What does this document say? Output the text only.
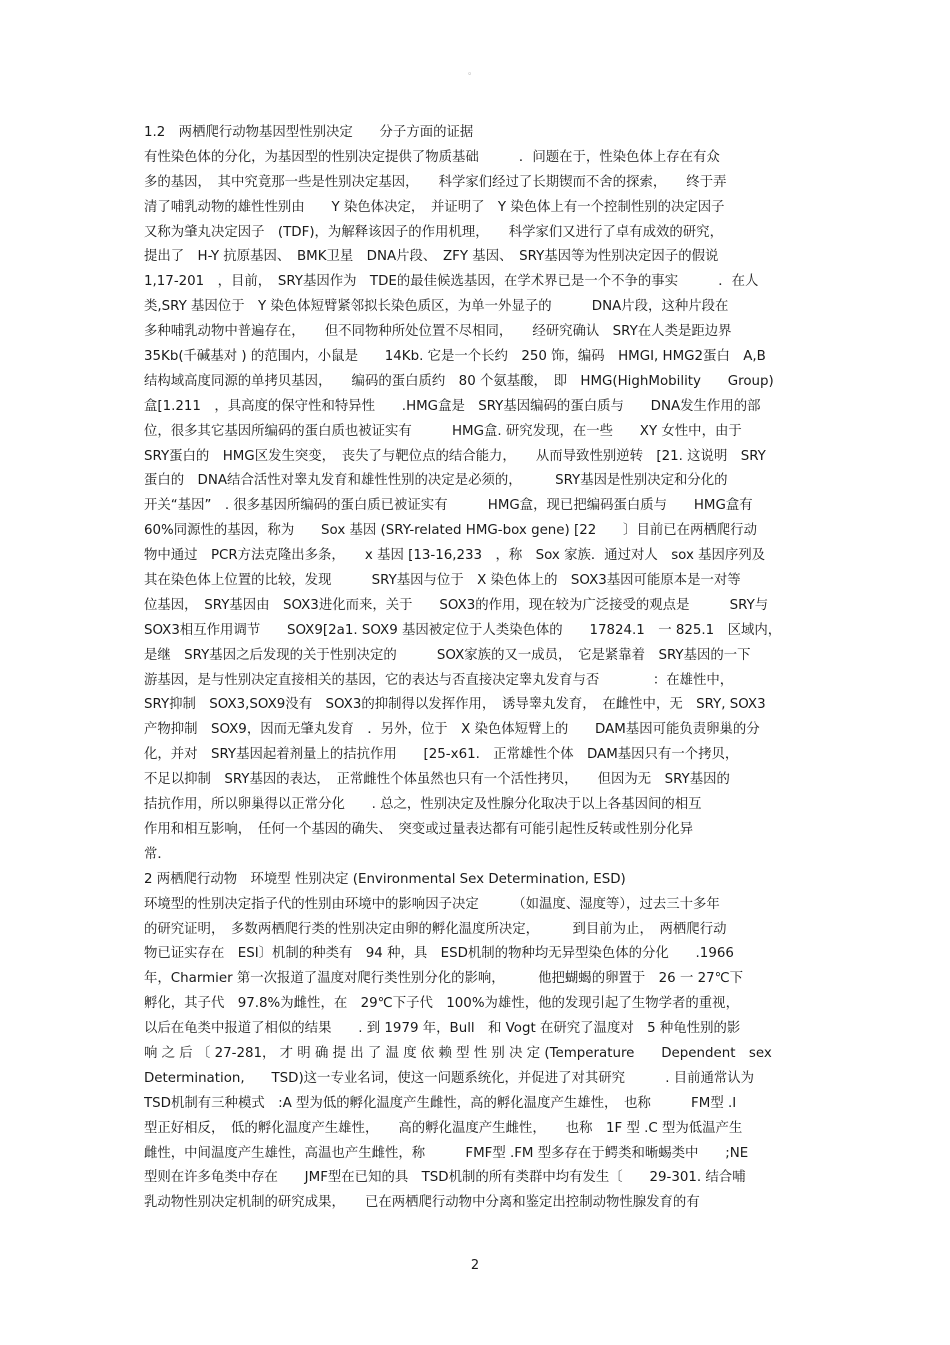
。
1.2　两栖爬行动物基因型性别决定　　分子方面的证据
有性染色体的分化，为基因型的性别决定提供了物质基础　　　．问题在于，性染色体上存在有众
多的基因，　其中究竟那一些是性别决定基因，　　科学家们经过了长期锲而不舍的探索，　　终于弄
清了哺乳动物的雄性性别由　　Y 染色体决定，　并证明了　Y 染色体上有一个控制性别的决定因子
又称为肇丸决定因子　(TDF)，为解释该因子的作用机理，　　科学家们又进行了卓有成效的研究，
提出了　H-Y 抗原基因、　BMK卫星　DNA片段、　ZFY 基因、　SRY基因等为性别决定因子的假说
1,17-201　，目前，　SRY基因作为　TDE的最佳候选基因，在学术界已是一个不争的事实　　　．在人
类,SRY 基因位于　Y 染色体短臂紧邻拟长染色质区，为单一外显子的　　　DNA片段，这种片段在
多种哺乳动物中普遍存在，　　但不同物种所处位置不尽相同，　　经研究确认　SRY在人类是距边界
35Kb(千碱基对 ) 的范围内，小鼠是　　14Kb. 它是一个长约　250 饰，编码　HMGI, HMG2蛋白　A,B
结构域高度同源的单拷贝基因，　　编码的蛋白质约　80 个氨基酸，　即　HMG(HighMobility　　Group)
盒[1.211　，具高度的保守性和特异性　　.HMG盒是　SRY基因编码的蛋白质与　　DNA发生作用的部
位，很多其它基因所编码的蛋白质也被证实有　　　HMG盒. 研究发现，在一些　　XY 女性中，由于
SRY蛋白的　HMG区发生突变，　丧失了与靶位点的结合能力，　　从而导致性别逆转　[21. 这说明　SRY
蛋白的　DNA结合活性对睾丸发育和雄性性别的决定是必须的，　　　SRY基因是性别决定和分化的
开关“基因”　. 很多基因所编码的蛋白质已被证实有　　　HMG盒，现已把编码蛋白质与　　HMG盒有
60%同源性的基因，称为　　Sox 基因 (SRY-related HMG-box gene) [22　　〕目前已在两栖爬行动
物中通过　PCR方法克隆出多条，　　x 基因 [13-16,233　，称　Sox 家族．通过对人　sox 基因序列及
其在染色体上位置的比较，发现　　　SRY基因与位于　X 染色体上的　SOX3基因可能原本是一对等
位基因，　SRY基因由　SOX3进化而来，关于　　SOX3的作用，现在较为广泛接受的观点是　　　SRY与
SOX3相互作用调节　　SOX9[2a1. SOX9 基因被定位于人类染色体的　　17824.1　一 825.1　区域内，
是继　SRY基因之后发现的关于性别决定的　　　SOX家族的又一成员，　它是紧靠着　SRY基因的一下
游基因，是与性别决定直接相关的基因，它的表达与否直接决定睾丸发育与否　　　　：在雄性中，
SRY抑制　SOX3,SOX9没有　SOX3的抑制得以发挥作用，　诱导睾丸发育，　在雌性中，无　SRY, SOX3
产物抑制　SOX9，因而无肇丸发育　．另外，位于　X 染色体短臂上的　　DAM基因可能负责卵巢的分
化，并对　SRY基因起着剂量上的拮抗作用　　[25-x61.　正常雄性个体　DAM基因只有一个拷贝，
不足以抑制　SRY基因的表达，　正常雌性个体虽然也只有一个活性拷贝，　　但因为无　SRY基因的
拮抗作用，所以卵巢得以正常分化　　. 总之，性别决定及性腺分化取决于以上各基因间的相互
作用和相互影响，　任何一个基因的确失、　突变或过量表达都有可能引起性反转或性别分化异
常．
2 两栖爬行动物　环境型 性别决定 (Environmental Sex Determination, ESD)
环境型的性别决定指子代的性别由环境中的影响因子决定　　　（如温度、湿度等），过去三十多年
的研究证明，　多数两栖爬行类的性别决定由卵的孵化温度所决定，　　　到目前为止，　两栖爬行动
物已证实存在　ESI〕机制的种类有　94 种，具　ESD机制的物种均无异型染色体的分化　　.1966
年，Charmier 第一次报道了温度对爬行类性别分化的影响，　　　他把蝴蝎的卵置于　26 一 27℃下
孵化，其子代　97.8%为雌性，在　29℃下子代　100%为雄性，他的发现引起了生物学者的重视，
以后在龟类中报道了相似的结果　　. 到 1979 年，Bull　和 Vogt 在研究了温度对　5 种龟性别的影
响 之 后 〔 27-281， 才 明 确 提 出 了 温 度 依 赖 型 性 别 决 定 (Temperature　　Dependent　sex
Determination,　　TSD)这一专业名词，使这一问题系统化，并促进了对其研究　　　. 目前通常认为
TSD机制有三种模式　:A 型为低的孵化温度产生雌性，高的孵化温度产生雄性，　也称　　　FM型 .I
型正好相反，　低的孵化温度产生雄性，　　高的孵化温度产生雌性，　　也称　1F 型 .C 型为低温产生
雌性，中间温度产生雄性，高温也产生雌性，称　　　FMF型 .FM 型多存在于鳄类和晰蜴类中　　;NE
型则在许多龟类中存在　　JMF型在已知的具　TSD机制的所有类群中均有发生〔　　29-301. 结合哺
乳动物性别决定机制的研究成果，　　已在两栖爬行动物中分离和鉴定出控制动物性腺发育的有
2
